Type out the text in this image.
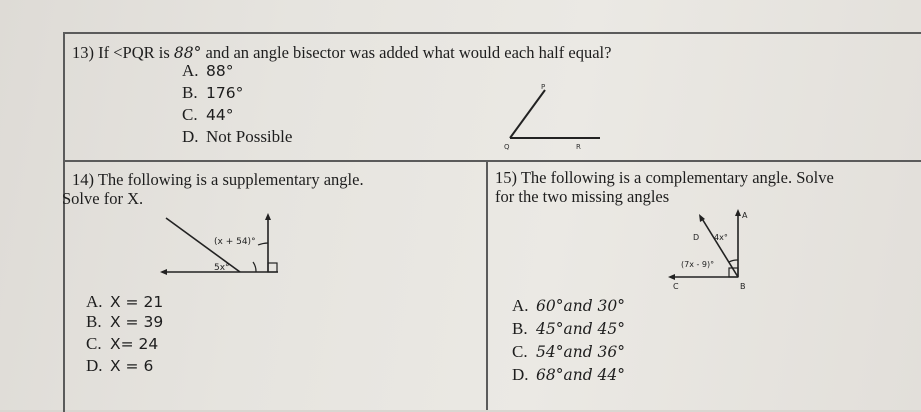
13) If <PQR is 88° and an angle bisector was added what would each half equal?
A. 88°
B. 176°
C. 44°
D. Not Possible
P
Q	R
14) The following is a supplementary angle.
Solve for X.
(x + 54)°
5x°
A. X = 21
B. X = 39
C. X= 24
D. X = 6
15) The following is a complementary angle. Solve
for the two missing angles
A
D 4x°
(7x - 9)°
C	B
A. 60°and 30°
B. 45°and 45°
C. 54°and 36°
D. 68°and 44°
